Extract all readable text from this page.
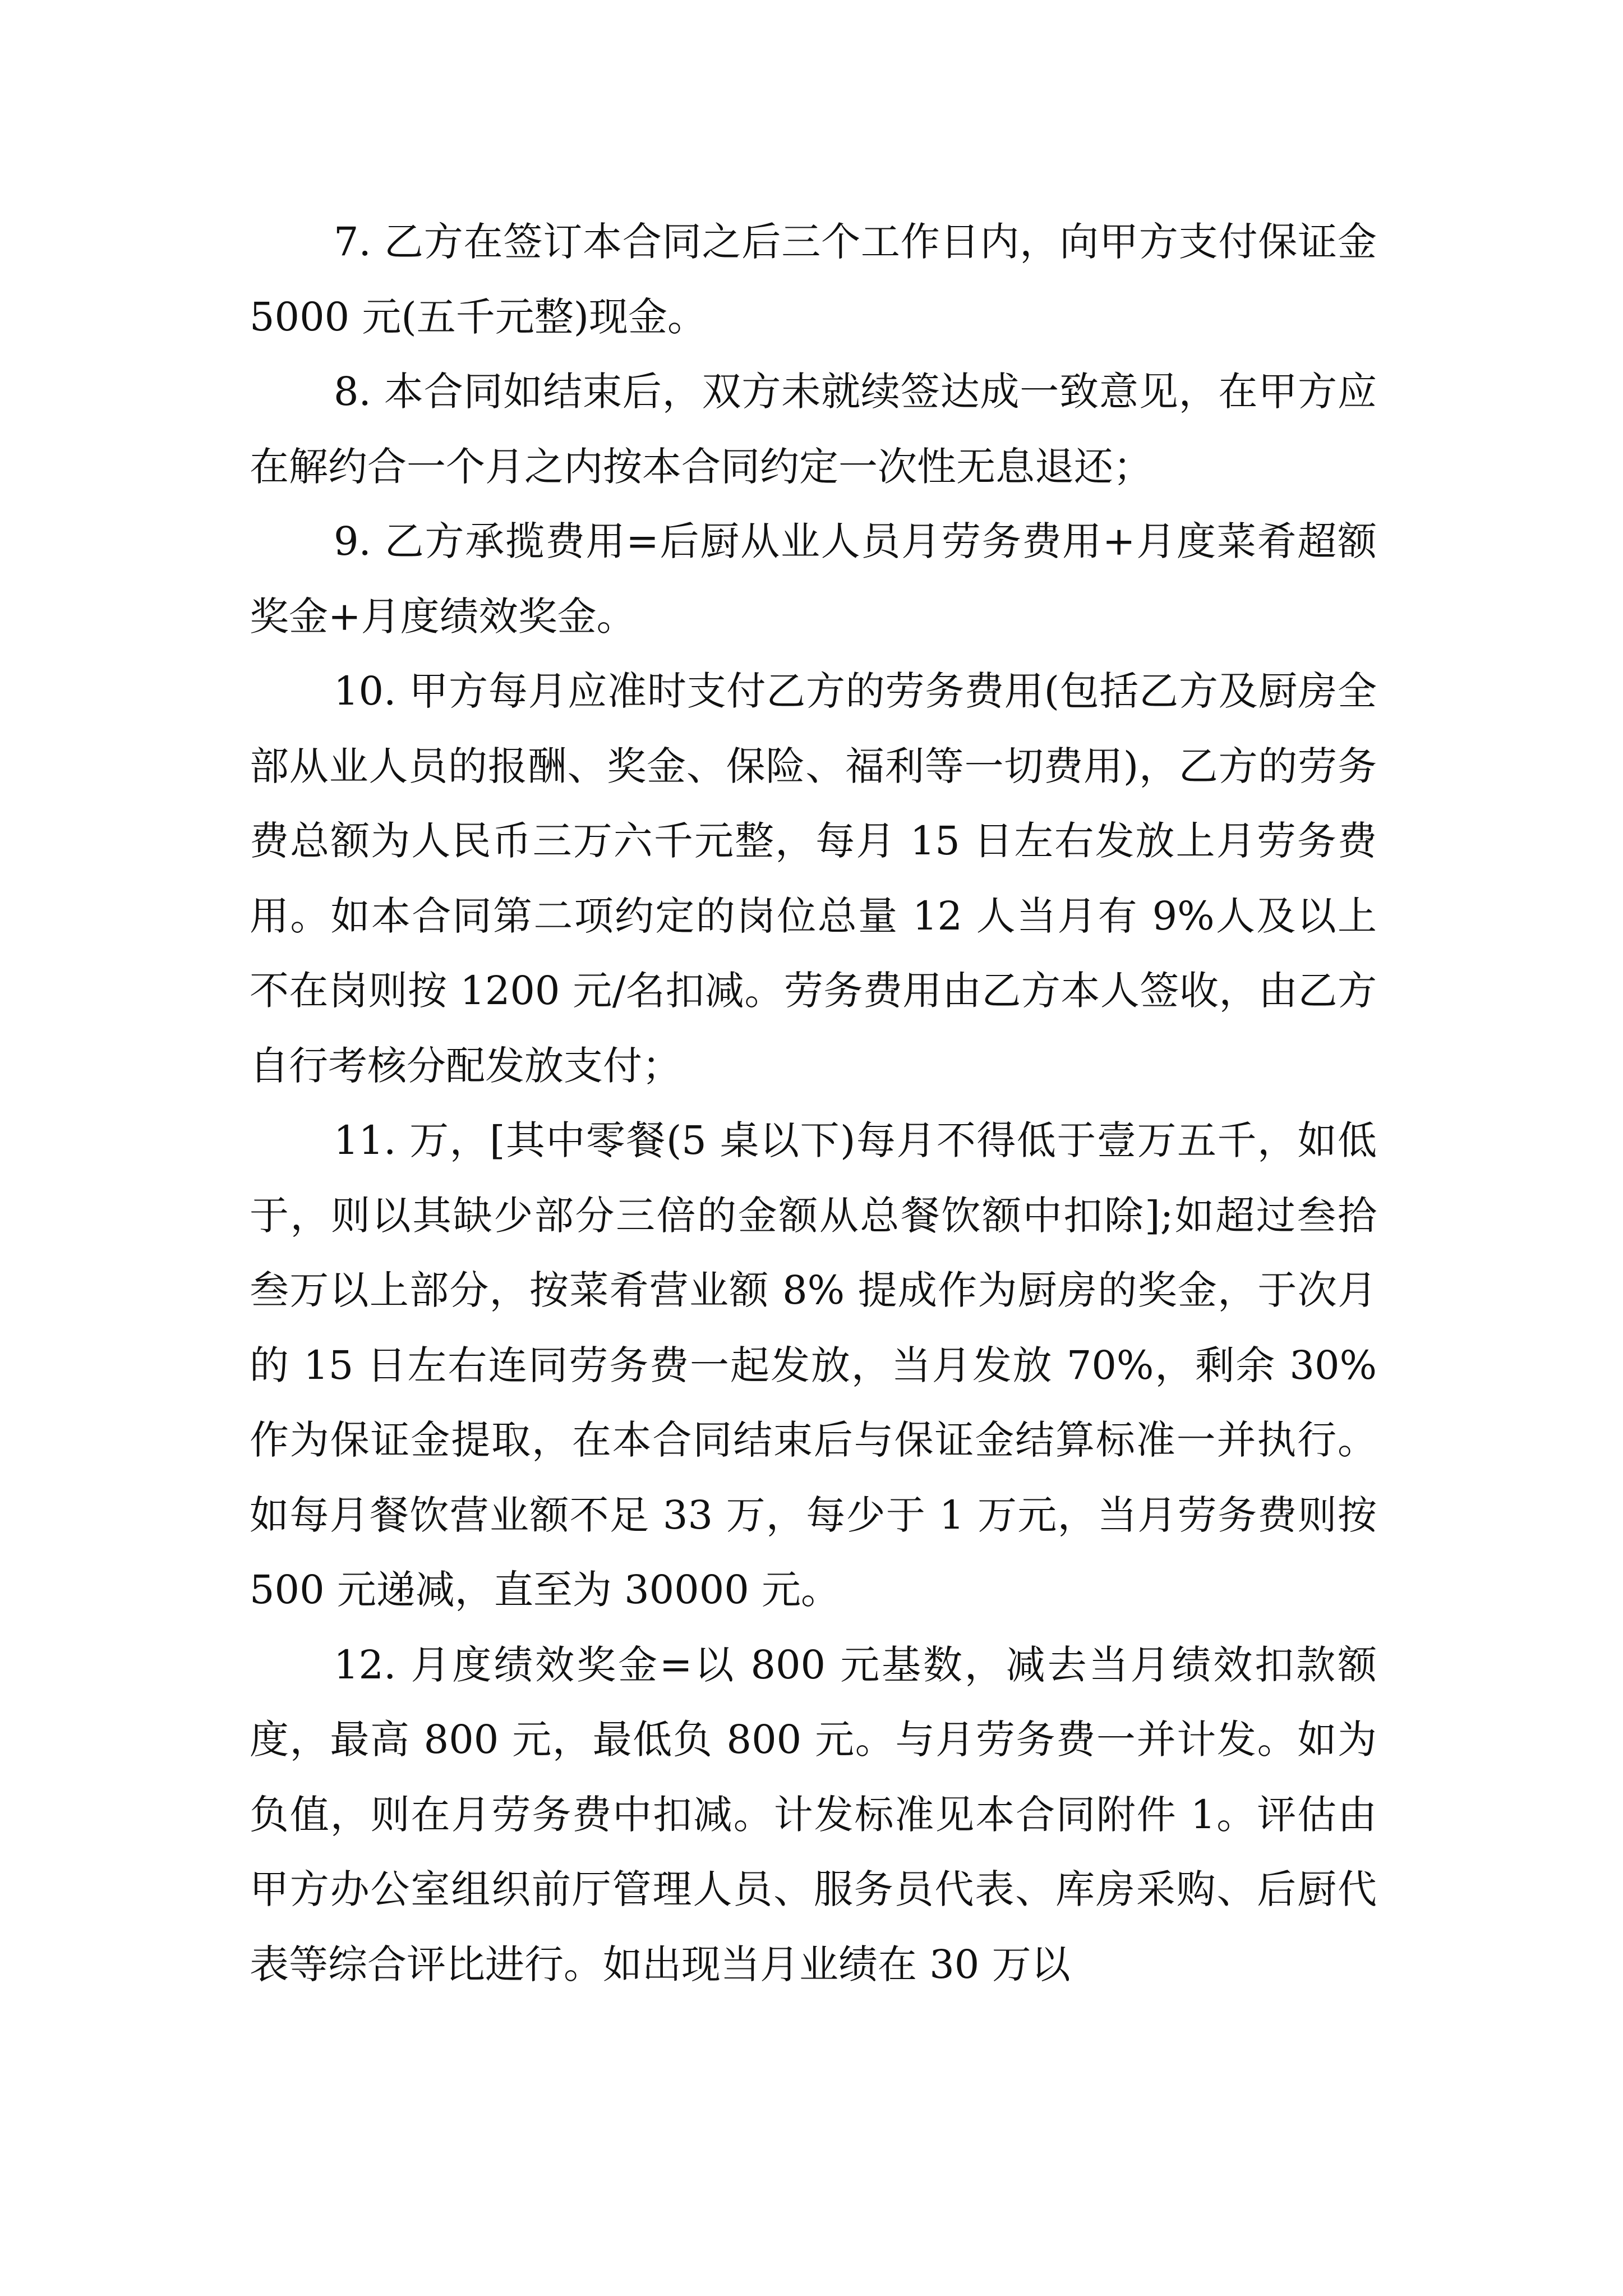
7. 乙方在签订本合同之后三个工作日内，向甲方支付保证金 5000 元(五千元整)现金。

8. 本合同如结束后，双方未就续签达成一致意见，在甲方应在解约合一个月之内按本合同约定一次性无息退还；

9. 乙方承揽费用=后厨从业人员月劳务费用+月度菜肴超额奖金+月度绩效奖金。

10. 甲方每月应准时支付乙方的劳务费用(包括乙方及厨房全部从业人员的报酬、奖金、保险、福利等一切费用)，乙方的劳务费总额为人民币三万六千元整，每月 15 日左右发放上月劳务费用。如本合同第二项约定的岗位总量 12 人当月有 9%人及以上不在岗则按 1200 元/名扣减。劳务费用由乙方本人签收，由乙方自行考核分配发放支付；

11. 万，[其中零餐(5 桌以下)每月不得低于壹万五千，如低于，则以其缺少部分三倍的金额从总餐饮额中扣除];如超过叁拾叁万以上部分，按菜肴营业额 8% 提成作为厨房的奖金，于次月的 15 日左右连同劳务费一起发放，当月发放 70%，剩余 30%作为保证金提取，在本合同结束后与保证金结算标准一并执行。如每月餐饮营业额不足 33 万，每少于 1 万元，当月劳务费则按 500 元递减，直至为 30000 元。

12. 月度绩效奖金=以 800 元基数，减去当月绩效扣款额度，最高 800 元，最低负 800 元。与月劳务费一并计发。如为负值，则在月劳务费中扣减。计发标准见本合同附件 1。评估由甲方办公室组织前厅管理人员、服务员代表、库房采购、后厨代表等综合评比进行。如出现当月业绩在 30 万以
